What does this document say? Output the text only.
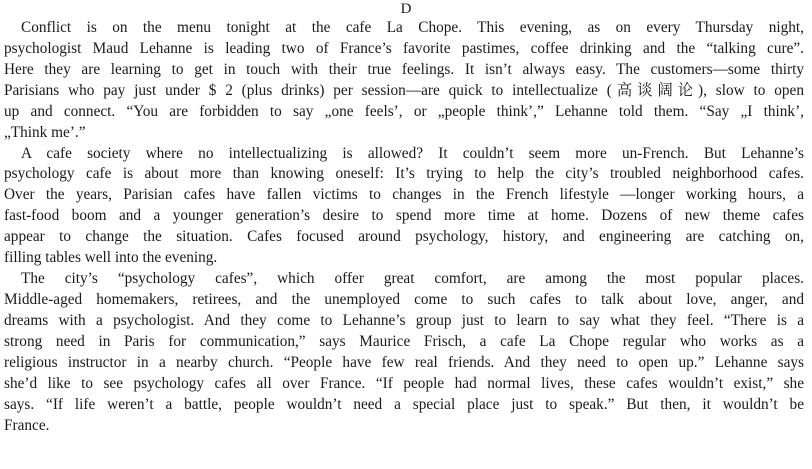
D
Conflict is on the menu tonight at the cafe La Chope. This evening, as on every Thursday night,
psychologist Maud Lehanne is leading two of France’s favorite pastimes, coffee drinking and the “talking cure”.
Here they are learning to get in touch with their true feelings. It isn’t always easy. The customers—some thirty
Parisians who pay just under $ 2 (plus drinks) per session—are quick to intellectualize (高谈阔论), slow to open
up and connect. “You are forbidden to say „one feels’, or „people think’,” Lehanne told them. “Say „I think’,
„Think me’.”
A cafe society where no intellectualizing is allowed? It couldn’t seem more un-French. But Lehanne’s
psychology cafe is about more than knowing oneself: It’s trying to help the city’s troubled neighborhood cafes.
Over the years, Parisian cafes have fallen victims to changes in the French lifestyle —longer working hours, a
fast-food boom and a younger generation’s desire to spend more time at home. Dozens of new theme cafes
appear to change the situation. Cafes focused around psychology, history, and engineering are catching on,
filling tables well into the evening.
The city’s “psychology cafes”, which offer great comfort, are among the most popular places.
Middle-aged homemakers, retirees, and the unemployed come to such cafes to talk about love, anger, and
dreams with a psychologist. And they come to Lehanne’s group just to learn to say what they feel. “There is a
strong need in Paris for communication,” says Maurice Frisch, a cafe La Chope regular who works as a
religious instructor in a nearby church. “People have few real friends. And they need to open up.” Lehanne says
she’d like to see psychology cafes all over France. “If people had normal lives, these cafes wouldn’t exist,” she
says. “If life weren’t a battle, people wouldn’t need a special place just to speak.” But then, it wouldn’t be
France.
